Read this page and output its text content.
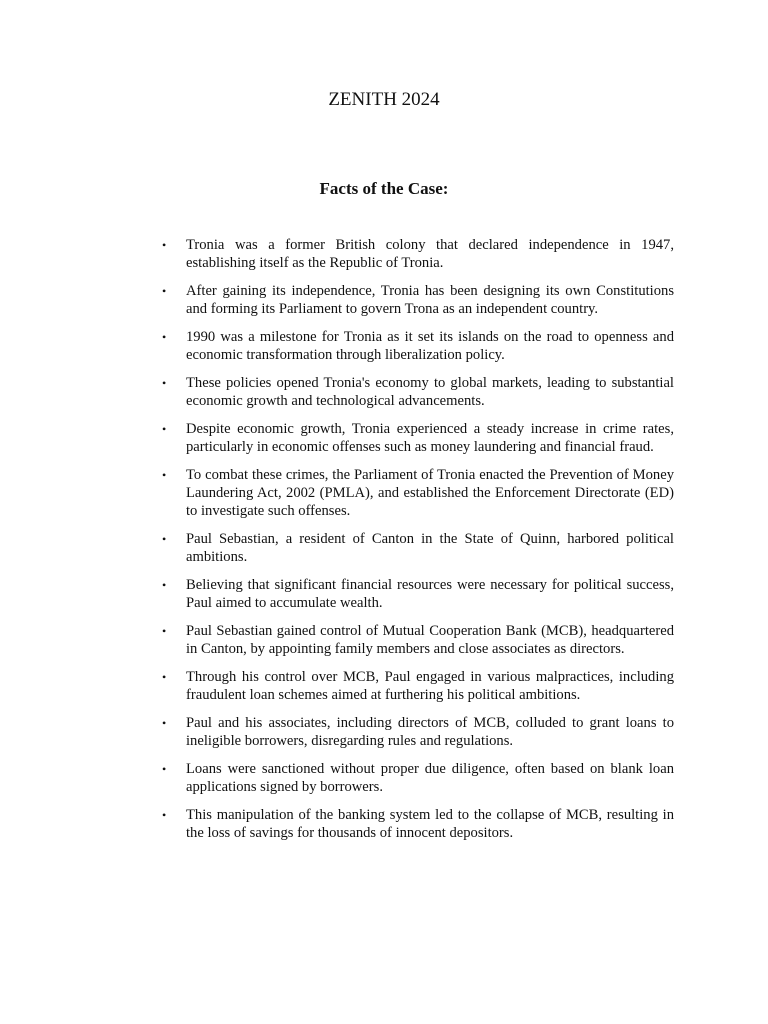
ZENITH 2024
Facts of the Case:
• Tronia was a former British colony that declared independence in 1947, establishing itself as the Republic of Tronia.
• After gaining its independence, Tronia has been designing its own Constitutions and forming its Parliament to govern Trona as an independent country.
• 1990 was a milestone for Tronia as it set its islands on the road to openness and economic transformation through liberalization policy.
• These policies opened Tronia's economy to global markets, leading to substantial economic growth and technological advancements.
• Despite economic growth, Tronia experienced a steady increase in crime rates, particularly in economic offenses such as money laundering and financial fraud.
• To combat these crimes, the Parliament of Tronia enacted the Prevention of Money Laundering Act, 2002 (PMLA), and established the Enforcement Directorate (ED) to investigate such offenses.
• Paul Sebastian, a resident of Canton in the State of Quinn, harbored political ambitions.
• Believing that significant financial resources were necessary for political success, Paul aimed to accumulate wealth.
• Paul Sebastian gained control of Mutual Cooperation Bank (MCB), headquartered in Canton, by appointing family members and close associates as directors.
• Through his control over MCB, Paul engaged in various malpractices, including fraudulent loan schemes aimed at furthering his political ambitions.
• Paul and his associates, including directors of MCB, colluded to grant loans to ineligible borrowers, disregarding rules and regulations.
• Loans were sanctioned without proper due diligence, often based on blank loan applications signed by borrowers.
• This manipulation of the banking system led to the collapse of MCB, resulting in the loss of savings for thousands of innocent depositors.
